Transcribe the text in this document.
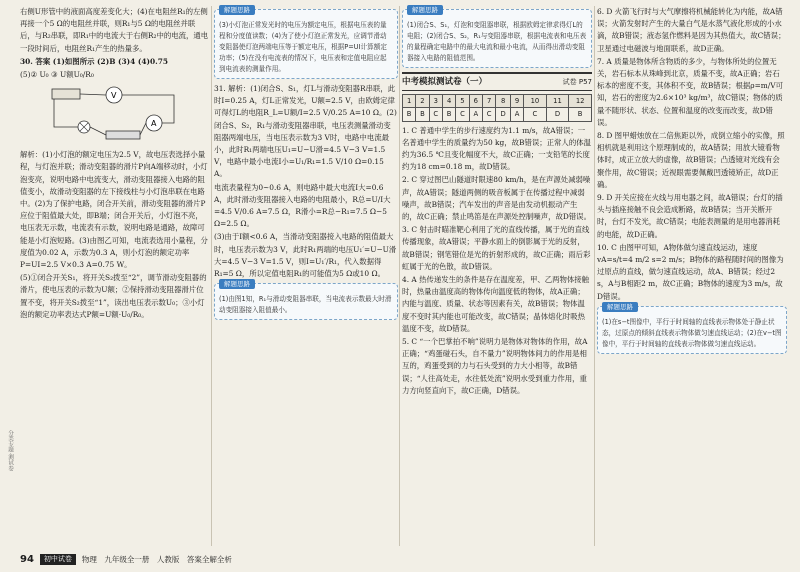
分类专题·测试卷

右侧U形管中的液面高度差变化大；(4)在电阻丝R₁的左侧再接一个5 Ω的电阻丝并联，则R₁与5 Ω的电阻丝并联后，与R₂串联，即R₁中的电流大于右侧R₂中的电流，通电一段时间后，电阻丝R₁产生的热量多。

30. 答案 (1)如图所示 (2)B (3)4 (4)0.75

(5)② U₀ ③ U额U₀/R₀

V
A

解析：(1)小灯泡的额定电压为2.5 V，故电压表选择小量程，与灯泡并联；滑动变阻器的滑片P向A端移动时，小灯泡变亮，说明电路中电流变大，滑动变阻器接入电路的阻值变小，故滑动变阻器的左下接线柱与小灯泡串联在电路中。(2)为了保护电路，闭合开关前，滑动变阻器的滑片P应位于阻值最大处，即B端；闭合开关后，小灯泡不亮，电压表无示数，电流表有示数，说明电路是通路，故障可能是小灯泡短路。(3)由图乙可知，电流表选用小量程，分度值为0.02 A，示数为0.3 A，则小灯泡的额定功率P=UI=2.5 V×0.3 A=0.75 W。

(5)①闭合开关S₁，将开关S₂拨至“2”，调节滑动变阻器的滑片，使电压表的示数为U额；②保持滑动变阻器滑片位置不变，将开关S₂拨至“1”，读出电压表示数U₀；③小灯泡的额定功率表达式P额=U额·U₀/R₀。

解题思路
(3)小灯泡正常发光时的电压为额定电压，根据电压表的量程和分度值读数；(4)为了使小灯泡正常发光，应调节滑动变阻器使灯泡两端电压等于额定电压，根据P=UI计算额定功率；(5)在没有电流表的情况下，电压表和定值电阻应起到电流表的测量作用。

31. 解析：(1)闭合S、S₁，灯L与滑动变阻器R串联，此时I=0.25 A，灯L正常发光，U额=2.5 V，由欧姆定律可得灯L的电阻R_L=U额/I=2.5 V/0.25 A=10 Ω。(2)闭合S、S₂，R₁与滑动变阻器串联，电压表测量滑动变阻器两端电压，当电压表示数为3 V时，电路中电流最小，此时R₁两端电压U₁=U−U滑=4.5 V−3 V=1.5 V，电路中最小电流I小=U₁/R₁=1.5 V/10 Ω=0.15 A。

电流表量程为0~0.6 A，则电路中最大电流I大=0.6 A，此时滑动变阻器接入电路的电阻最小，R总=U/I大=4.5 V/0.6 A=7.5 Ω，R滑小=R总−R₁=7.5 Ω−5 Ω=2.5 Ω。

(3)由于I额<0.6 A，当滑动变阻器接入电路的阻值最大时，电压表示数为3 V，此时R₁两端的电压U₁′=U−U滑大=4.5 V−3 V=1.5 V，则I=U₁′/R₁，代入数据得R₁=5 Ω，所以定值电阻R₁的可能值为5 Ω或10 Ω。

解题思路
(1)由图1知，R₁与滑动变阻器串联，当电流表示数最大时滑动变阻器接入阻值最小。
解题思路
(1)闭合S、S₁，灯泡和变阻器串联，根据欧姆定律求得灯L的电阻；(2)闭合S、S₂，R₁与变阻器串联，根据电流表和电压表的量程确定电路中的最大电流和最小电流，从而得出滑动变阻器接入电路的阻值范围。
中考模拟测试卷（一）	试卷 P57
1	2	3	4	5	6	7	8	9	10	11	12
B	B	C	B	C	A	C	D	A	C	D	B

1. C 普通中学生的步行速度约为1.1 m/s，故A错误；一名普通中学生的质量约为50 kg，故B错误；正常人的体温约为36.5 ℃且变化幅度不大，故C正确；一支铅笔的长度约为18 cm=0.18 m，故D错误。

2. C 穿过图巴山隧道时限速80 km/h，是在声源处减弱噪声，故A错误；隧道两侧的吸音板属于在传播过程中减弱噪声，故B错误；汽车发出的声音是由发动机振动产生的，故C正确；禁止鸣笛是在声源处控制噪声，故D错误。

3. C 射击时瞄准靶心利用了光的直线传播，属于光的直线传播现象，故A错误；平静水面上的倒影属于光的反射，故B错误；钢笔错位是光的折射形成的，故C正确；雨后彩虹属于光的色散，故D错误。

4. A 热传递发生的条件是存在温度差，甲、乙两物体接触时，热量由温度高的物体传向温度低的物体，故A正确；内能与温度、质量、状态等因素有关，故B错误；物体温度不变时其内能也可能改变，故C错误；晶体熔化时吸热温度不变，故D错误。

5. C “一个巴掌拍不响”说明力是物体对物体的作用，故A正确；“鸡蛋碰石头，自不量力”说明物体间力的作用是相互的，鸡蛋受到的力与石头受到的力大小相等，故B错误；“人往高处走，水往低处流”说明水受到重力作用，重力方向竖直向下，故C正确，D错误。

6. D 火箭飞行时与大气摩擦将机械能转化为内能，故A错误；火箭发射时产生的大量白气是水蒸气液化形成的小水滴，故B错误；液态氢作燃料是因为其热值大，故C错误；卫星通过电磁波与地面联系，故D正确。

7. A 质量是物体所含物质的多少，与物体所处的位置无关，岩石标本从珠峰到北京，质量不变，故A正确；岩石标本的密度不变，其体积不变，故B错误；根据ρ=m/V可知，岩石的密度为2.6×10³ kg/m³，故C错误；物体的质量不随形状、状态、位置和温度的改变而改变，故D错误。

8. D 图甲蜡烛放在二倍焦距以外，成倒立缩小的实像，照相机就是利用这个原理制成的，故A错误；用放大镜看物体时，成正立放大的虚像，故B错误；凸透镜对光线有会聚作用，故C错误；近视眼需要佩戴凹透镜矫正，故D正确。

9. D 开关应接在火线与用电器之间，故A错误；台灯的插头与插座接触不良会造成断路，故B错误；当开关断开时，台灯不发光，故C错误；电能表测量的是用电器消耗的电能，故D正确。

10. C 由图甲可知，A物体做匀速直线运动，速度vA=s/t=4 m/2 s=2 m/s；B物体的路程随时间的图像为过原点的直线，做匀速直线运动，故A、B错误；经过2 s，A与B相距2 m，故C正确；B物体的速度为3 m/s，故D错误。

解题思路
(1)在s−t图像中，平行于时间轴的直线表示物体处于静止状态，过原点的倾斜直线表示物体做匀速直线运动；(2)在v−t图像中，平行于时间轴的直线表示物体做匀速直线运动。
94	初中试卷	物理　九年级全一册　人教版　答案全解全析
